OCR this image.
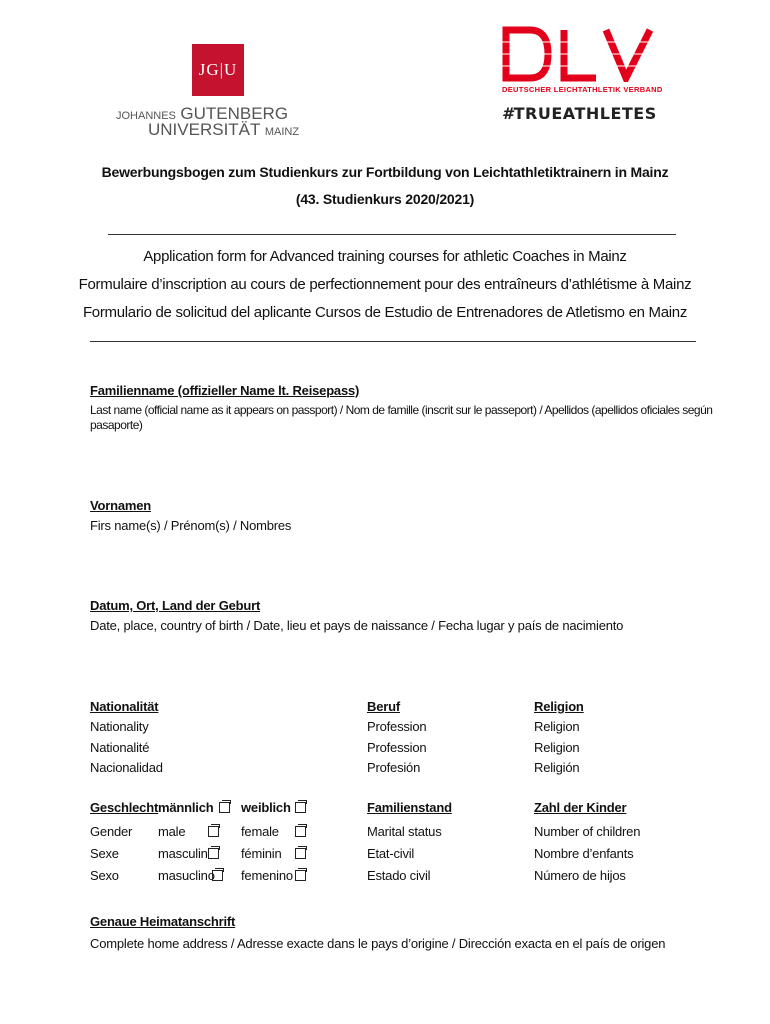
JG|U
JOHANNES GUTENBERG
UNIVERSITÄT MAINZ
DEUTSCHER LEICHTATHLETIK VERBAND
#TRUEATHLETES
Bewerbungsbogen zum Studienkurs zur Fortbildung von Leichtathletiktrainern in Mainz
(43. Studienkurs 2020/2021)
Application form for Advanced training courses for athletic Coaches in Mainz
Formulaire d’inscription au cours de perfectionnement pour des entraîneurs d’athlétisme à Mainz
Formulario de solicitud del aplicante Cursos de Estudio de Entrenadores de Atletismo en Mainz
Familienname (offizieller Name lt. Reisepass)
Last name (official name as it appears on passport) / Nom de famille (inscrit sur le passeport) / Apellidos (apellidos oficiales según
pasaporte)
Vornamen
Firs name(s) / Prénom(s) / Nombres
Datum, Ort, Land der Geburt
Date, place, country of birth / Date, lieu et pays de naissance / Fecha lugar y país de nacimiento
Nationalität
Nationality
Nationalité
Nacionalidad
Beruf
Profession
Profession
Profesión
Religion
Religion
Religion
Religión
Geschlecht
Gender
Sexe
Sexo
männlich
male
masculin
masuclino
weiblich
female
féminin
femenino
Familienstand
Marital status
Etat-civil
Estado civil
Zahl der Kinder
Number of children
Nombre d’enfants
Número de hijos
Genaue Heimatanschrift
Complete home address / Adresse exacte dans le pays d’origine / Dirección exacta en el país de origen
